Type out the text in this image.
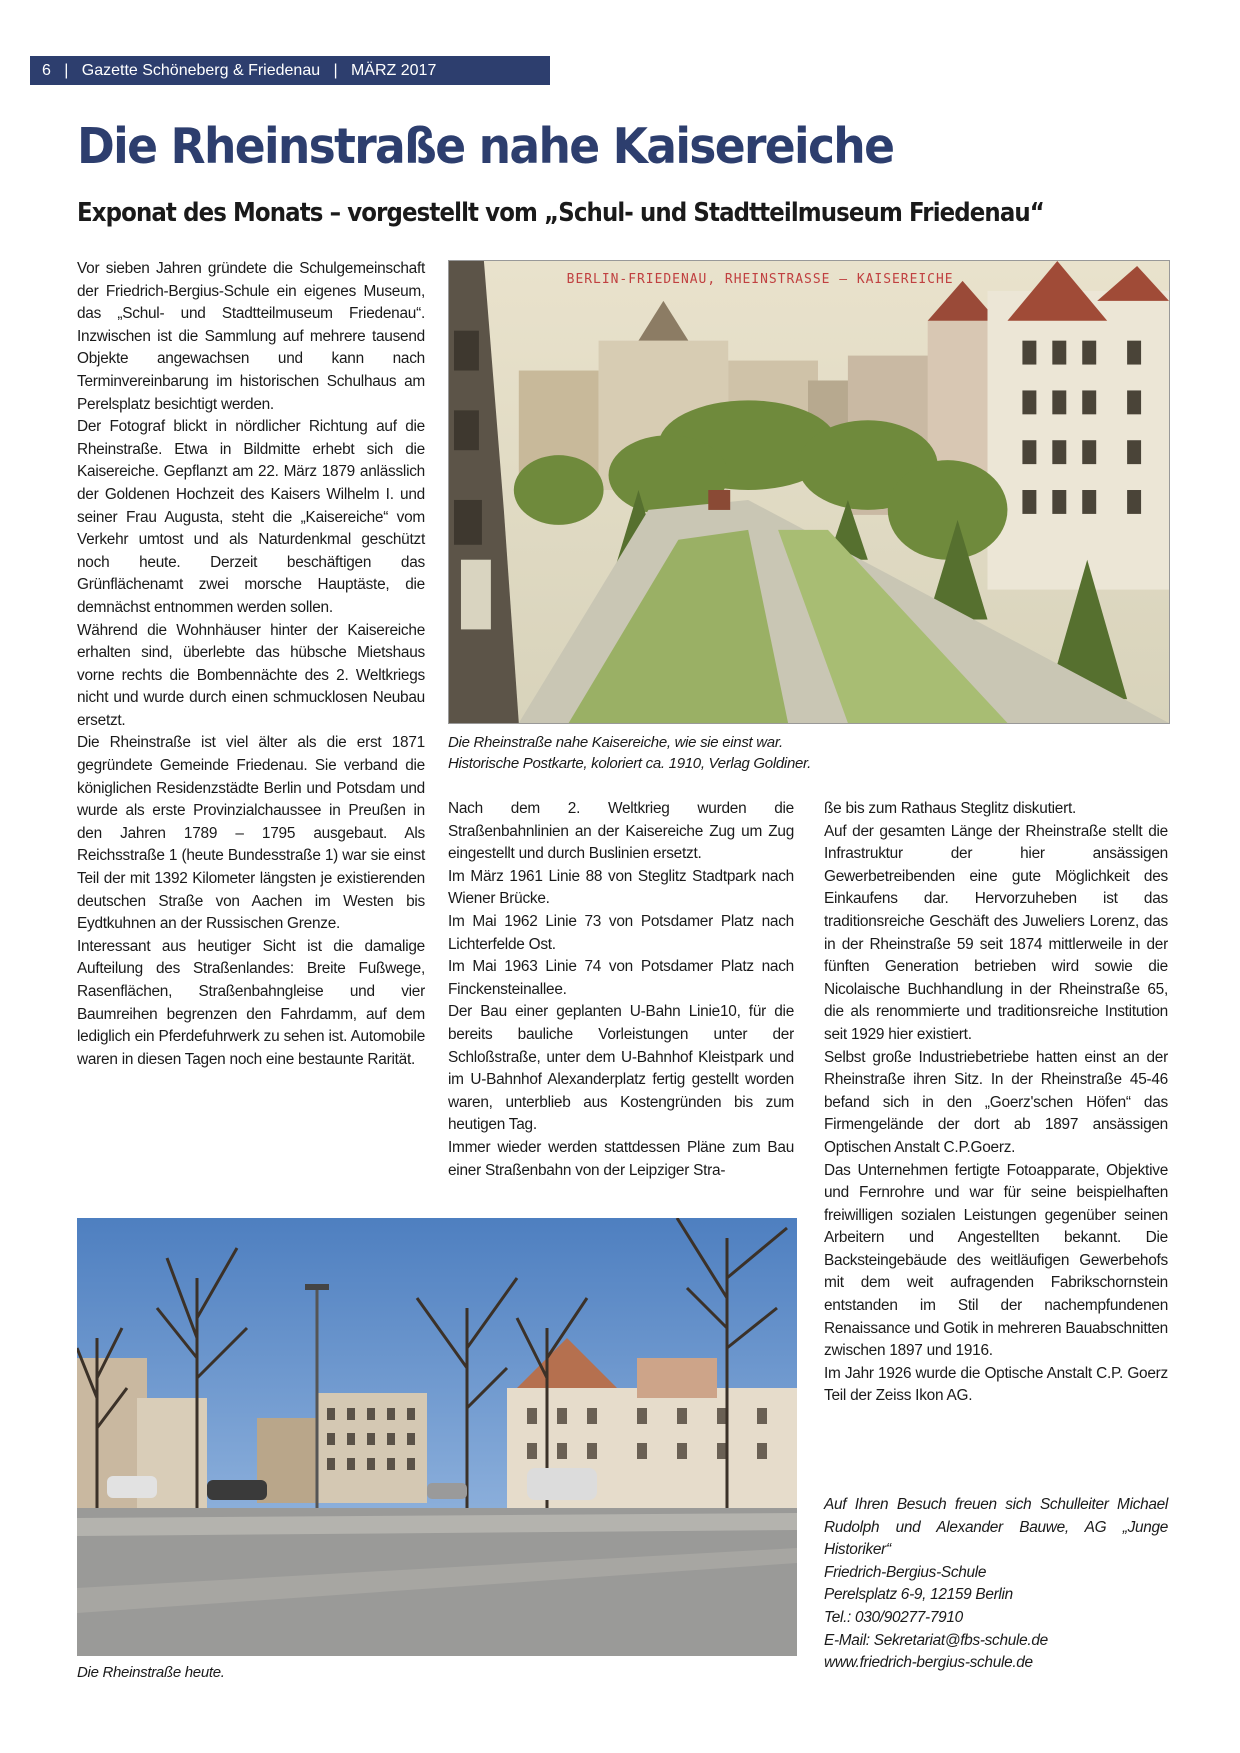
6 | Gazette Schöneberg & Friedenau | MÄRZ 2017
Die Rheinstraße nahe Kaisereiche
Exponat des Monats – vorgestellt vom „Schul- und Stadtteilmuseum Friedenau“

Vor sieben Jahren gründete die Schulgemeinschaft der Friedrich-Bergius-Schule ein eigenes Museum, das „Schul- und Stadtteilmuseum Friedenau“. Inzwischen ist die Sammlung auf mehrere tausend Objekte angewachsen und kann nach Terminvereinbarung im historischen Schulhaus am Perelsplatz besichtigt werden.

Der Fotograf blickt in nördlicher Richtung auf die Rheinstraße. Etwa in Bildmitte erhebt sich die Kaisereiche. Gepflanzt am 22. März 1879 anlässlich der Goldenen Hochzeit des Kaisers Wilhelm I. und seiner Frau Augusta, steht die „Kaisereiche“ vom Verkehr umtost und als Naturdenkmal geschützt noch heute. Derzeit beschäftigen das Grünflächenamt zwei morsche Hauptäste, die demnächst entnommen werden sollen.

Während die Wohnhäuser hinter der Kaisereiche erhalten sind, überlebte das hübsche Mietshaus vorne rechts die Bombennächte des 2. Weltkriegs nicht und wurde durch einen schmucklosen Neubau ersetzt.

Die Rheinstraße ist viel älter als die erst 1871 gegründete Gemeinde Friedenau. Sie verband die königlichen Residenzstädte Berlin und Potsdam und wurde als erste Provinzialchaussee in Preußen in den Jahren 1789 – 1795 ausgebaut. Als Reichsstraße 1 (heute Bundesstraße 1) war sie einst Teil der mit 1392 Kilometer längsten je existierenden deutschen Straße von Aachen im Westen bis Eydtkuhnen an der Russischen Grenze.

Interessant aus heutiger Sicht ist die damalige Aufteilung des Straßenlandes: Breite Fußwege, Rasenflächen, Straßenbahngleise und vier Baumreihen begrenzen den Fahrdamm, auf dem lediglich ein Pferdefuhrwerk zu sehen ist. Automobile waren in diesen Tagen noch eine bestaunte Rarität.

BERLIN-FRIEDENAU, RHEINSTRASSE — KAISEREICHE
Die Rheinstraße nahe Kaisereiche, wie sie einst war.
Historische Postkarte, koloriert ca. 1910, Verlag Goldiner.

Nach dem 2. Weltkrieg wurden die Straßenbahnlinien an der Kaisereiche Zug um Zug eingestellt und durch Buslinien ersetzt.

Im März 1961 Linie 88 von Steglitz Stadtpark nach Wiener Brücke.

Im Mai 1962 Linie 73 von Potsdamer Platz nach Lichterfelde Ost.

Im Mai 1963 Linie 74 von Potsdamer Platz nach Finckensteinallee.

Der Bau einer geplanten U-Bahn Linie10, für die bereits bauliche Vorleistungen unter der Schloßstraße, unter dem U-Bahnhof Kleistpark und im U-Bahnhof Alexanderplatz fertig gestellt worden waren, unterblieb aus Kostengründen bis zum heutigen Tag.

Immer wieder werden stattdessen Pläne zum Bau einer Straßenbahn von der Leipziger Stra-

ße bis zum Rathaus Steglitz diskutiert.

Auf der gesamten Länge der Rheinstraße stellt die Infrastruktur der hier ansässigen Gewerbetreibenden eine gute Möglichkeit des Einkaufens dar. Hervorzuheben ist das traditionsreiche Geschäft des Juweliers Lorenz, das in der Rheinstraße 59 seit 1874 mittlerweile in der fünften Generation betrieben wird sowie die Nicolaische Buchhandlung in der Rheinstraße 65, die als renommierte und traditionsreiche Institution seit 1929 hier existiert.

Selbst große Industriebetriebe hatten einst an der Rheinstraße ihren Sitz. In der Rheinstraße 45-46 befand sich in den „Goerz'schen Höfen“ das Firmengelände der dort ab 1897 ansässigen Optischen Anstalt C.P.Goerz.

Das Unternehmen fertigte Fotoapparate, Objektive und Fernrohre und war für seine beispielhaften freiwilligen sozialen Leistungen gegenüber seinen Arbeitern und Angestellten bekannt. Die Backsteingebäude des weitläufigen Gewerbehofs mit dem weit aufragenden Fabrikschornstein entstanden im Stil der nachempfundenen Renaissance und Gotik in mehreren Bauabschnitten zwischen 1897 und 1916.

Im Jahr 1926 wurde die Optische Anstalt C.P. Goerz Teil der Zeiss Ikon AG.

Auf Ihren Besuch freuen sich Schulleiter Michael Rudolph und Alexander Bauwe, AG „Junge Historiker“
Friedrich-Bergius-Schule
Perelsplatz 6-9, 12159 Berlin
Tel.: 030/90277-7910
E-Mail: Sekretariat@fbs-schule.de
www.friedrich-bergius-schule.de
Die Rheinstraße heute.
